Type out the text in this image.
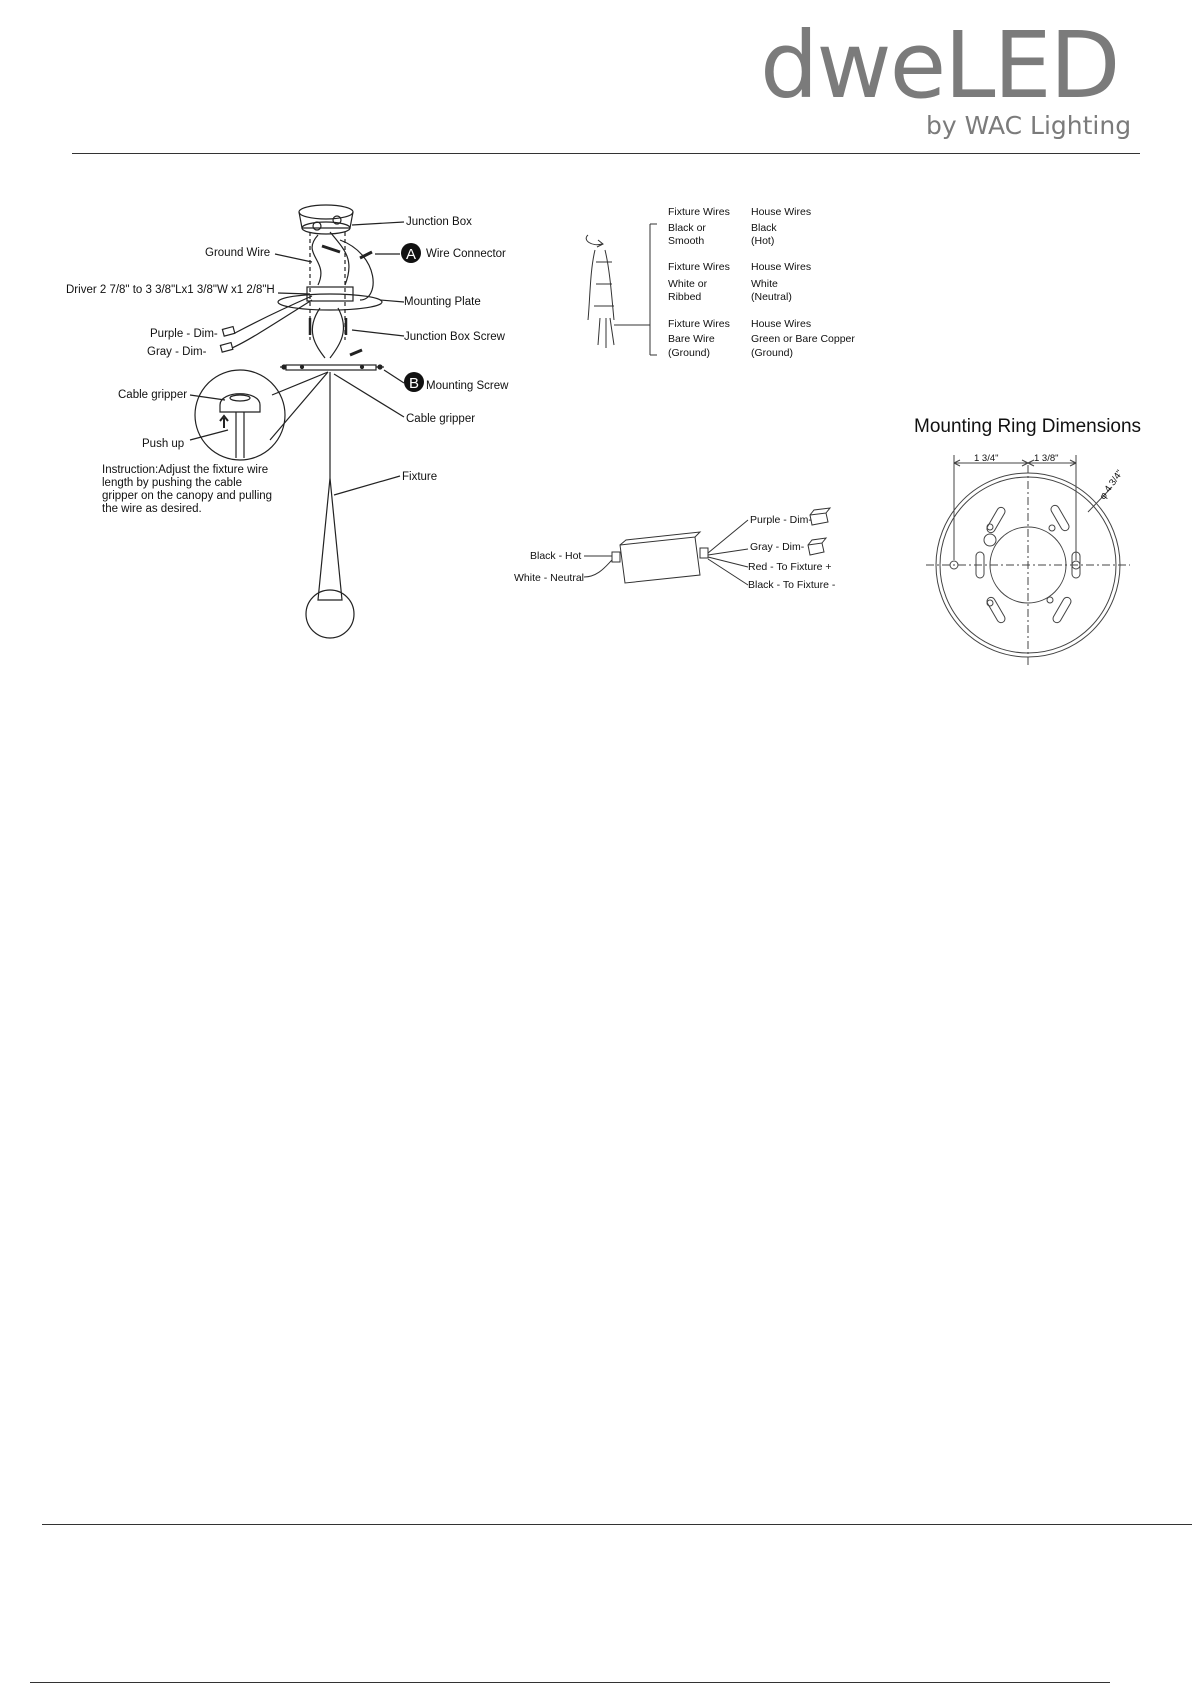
dweLED
by WAC Lighting
A
B
Junction Box
Ground Wire	Wire Connector
Driver 2 7/8" to 3 3/8"Lx1 3/8"W x1 2/8"H
Mounting Plate
Purple - Dim-
Gray - Dim-
Junction Box Screw
Mounting Screw
Cable gripper
Cable gripper
Push up
Fixture
Instruction:Adjust the fixture wire
length by pushing the cable
gripper on the canopy and pulling
the wire as desired.
Fixture Wires House Wires
Black or
Smooth
Black
(Hot)
Fixture Wires House Wires
White or
Ribbed
White
(Neutral)
Fixture Wires House Wires
Bare Wire
(Ground)
Green or Bare Copper
(Ground)
Black - Hot
White - Neutral
Purple - Dim-
Gray - Dim-
Red - To Fixture +
Black - To Fixture -
Mounting Ring Dimensions
1 3/4"	1 3/8"
φ 4 3/4"
